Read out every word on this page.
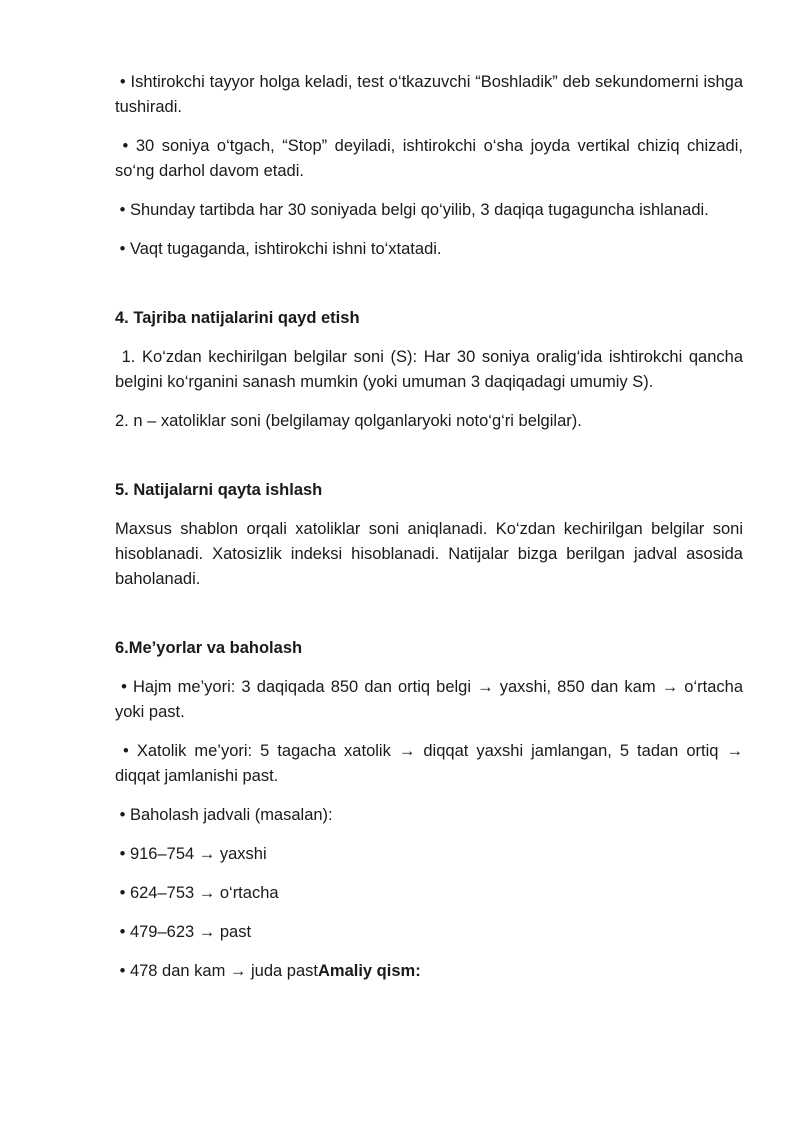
• Ishtirokchi tayyor holga keladi, test o‘tkazuvchi “Boshladik” deb sekundomerni ishga tushiradi.

• 30 soniya o‘tgach, “Stop” deyiladi, ishtirokchi o‘sha joyda vertikal chiziq chizadi, so‘ng darhol davom etadi.

• Shunday tartibda har 30 soniyada belgi qo‘yilib, 3 daqiqa tugaguncha ishlanadi.

• Vaqt tugaganda, ishtirokchi ishni to‘xtatadi.

4. Tajriba natijalarini qayd etish

1. Ko‘zdan kechirilgan belgilar soni (S): Har 30 soniya oralig‘ida ishtirokchi qancha belgini ko‘rganini sanash mumkin (yoki umuman 3 daqiqadagi umumiy S).

2. n – xatoliklar soni (belgilamay qolganlaryoki noto‘g‘ri belgilar).

5. Natijalarni qayta ishlash

Maxsus shablon orqali xatoliklar soni aniqlanadi. Ko‘zdan kechirilgan belgilar soni hisoblanadi. Xatosizlik indeksi hisoblanadi. Natijalar bizga berilgan jadval asosida baholanadi.

6.Me’yorlar va baholash

• Hajm me’yori: 3 daqiqada 850 dan ortiq belgi → yaxshi, 850 dan kam → o‘rtacha yoki past.

• Xatolik me’yori: 5 tagacha xatolik → diqqat yaxshi jamlangan, 5 tadan ortiq → diqqat jamlanishi past.

• Baholash jadvali (masalan):

• 916–754 → yaxshi

• 624–753 → o‘rtacha

• 479–623 → past

• 478 dan kam → juda pastAmaliy qism:
